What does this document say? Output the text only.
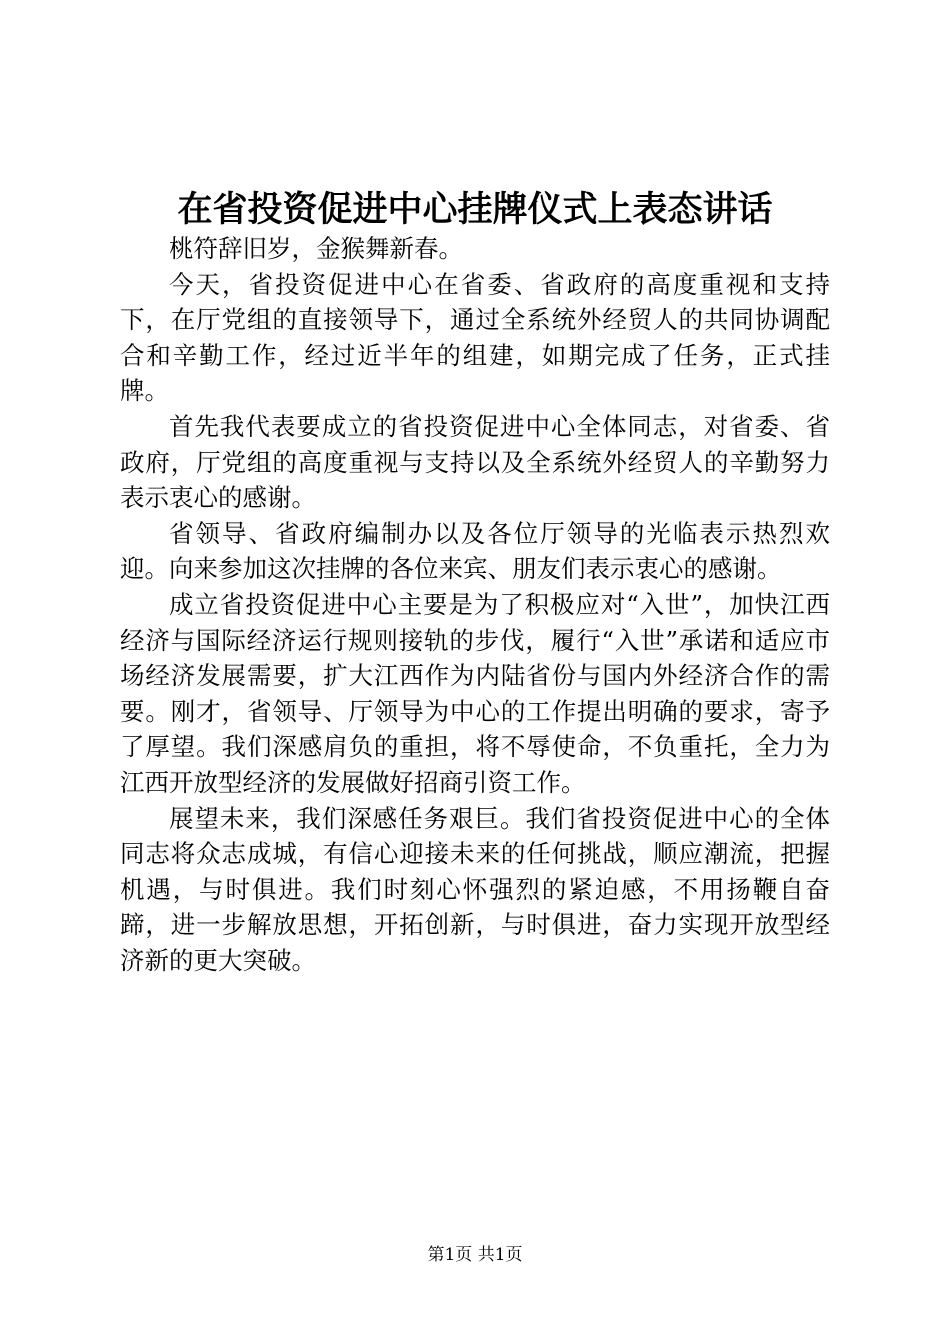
在省投资促进中心挂牌仪式上表态讲话

桃符辞旧岁，金猴舞新春。

今天，省投资促进中心在省委、省政府的高度重视和支持下，在厅党组的直接领导下，通过全系统外经贸人的共同协调配合和辛勤工作，经过近半年的组建，如期完成了任务，正式挂牌。

首先我代表要成立的省投资促进中心全体同志，对省委、省政府，厅党组的高度重视与支持以及全系统外经贸人的辛勤努力表示衷心的感谢。

省领导、省政府编制办以及各位厅领导的光临表示热烈欢迎。向来参加这次挂牌的各位来宾、朋友们表示衷心的感谢。

成立省投资促进中心主要是为了积极应对“入世”，加快江西经济与国际经济运行规则接轨的步伐，履行“入世”承诺和适应市场经济发展需要，扩大江西作为内陆省份与国内外经济合作的需要。刚才，省领导、厅领导为中心的工作提出明确的要求，寄予了厚望。我们深感肩负的重担，将不辱使命，不负重托，全力为江西开放型经济的发展做好招商引资工作。

展望未来，我们深感任务艰巨。我们省投资促进中心的全体同志将众志成城，有信心迎接未来的任何挑战，顺应潮流，把握机遇，与时俱进。我们时刻心怀强烈的紧迫感，不用扬鞭自奋蹄，进一步解放思想，开拓创新，与时俱进，奋力实现开放型经济新的更大突破。

第1页 共1页
